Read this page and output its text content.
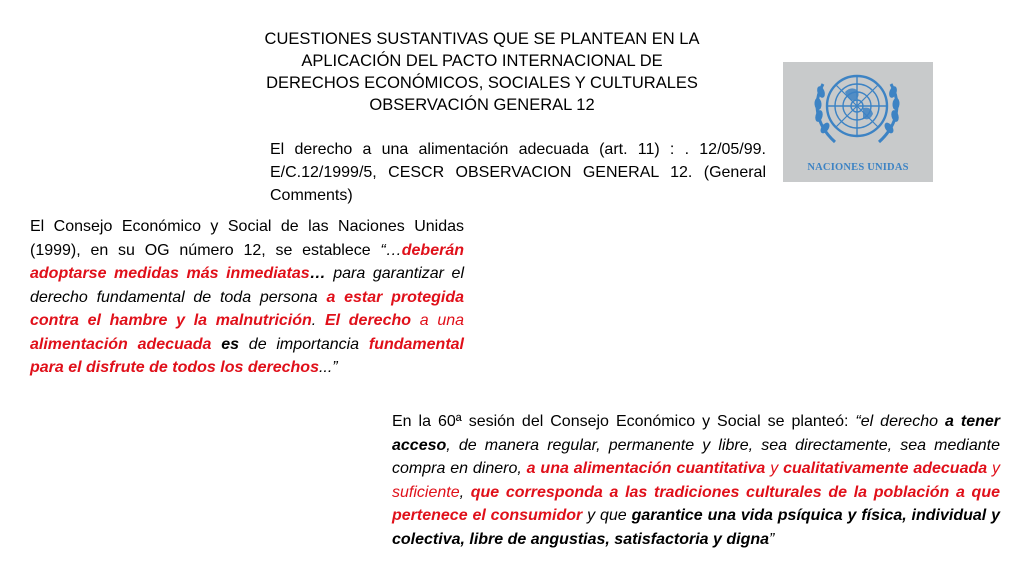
CUESTIONES SUSTANTIVAS QUE SE PLANTEAN EN LA APLICACIÓN DEL PACTO INTERNACIONAL DE DERECHOS ECONÓMICOS, SOCIALES Y CULTURALES OBSERVACIÓN GENERAL 12
El derecho a una alimentación adecuada (art. 11) : . 12/05/99. E/C.12/1999/5, CESCR OBSERVACION GENERAL 12. (General Comments)
NACIONES UNIDAS
El Consejo Económico y Social de las Naciones Unidas (1999), en su OG número 12, se establece “…deberán adoptarse medidas más inmediatas… para garantizar el derecho fundamental de toda persona a estar protegida contra el hambre y la malnutrición. El derecho a una alimentación adecuada es de importancia fundamental para el disfrute de todos los derechos...”
En la 60ª sesión del Consejo Económico y Social se planteó: “el derecho a tener acceso, de manera regular, permanente y libre, sea directamente, sea mediante compra en dinero, a una alimentación cuantitativa y cualitativamente adecuada y suficiente, que corresponda a las tradiciones culturales de la población a que pertenece el consumidor y que garantice una vida psíquica y física, individual y colectiva, libre de angustias, satisfactoria y digna”
